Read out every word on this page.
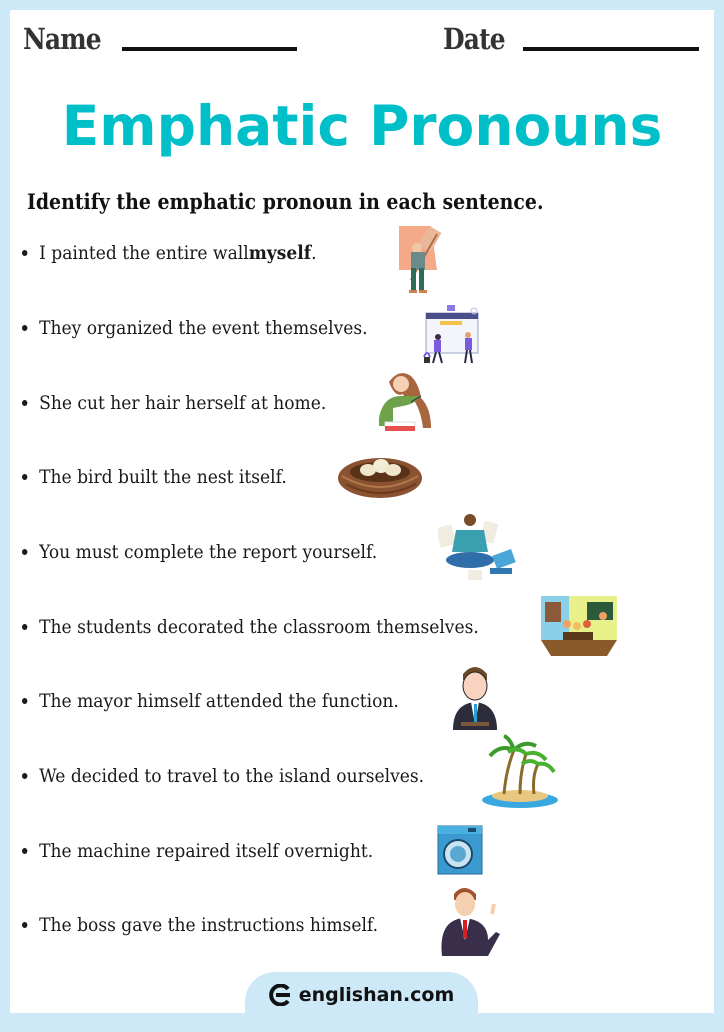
Name	Date
Emphatic Pronouns
Identify the emphatic pronoun in each sentence.
I painted the entire wall myself .
They organized the event themselves.
She cut her hair herself at home.
The bird built the nest itself.
You must complete the report yourself.
The students decorated the classroom themselves.
The mayor himself attended the function.
We decided to travel to the island ourselves.
The machine repaired itself overnight.
The boss gave the instructions himself.
englishan.com
